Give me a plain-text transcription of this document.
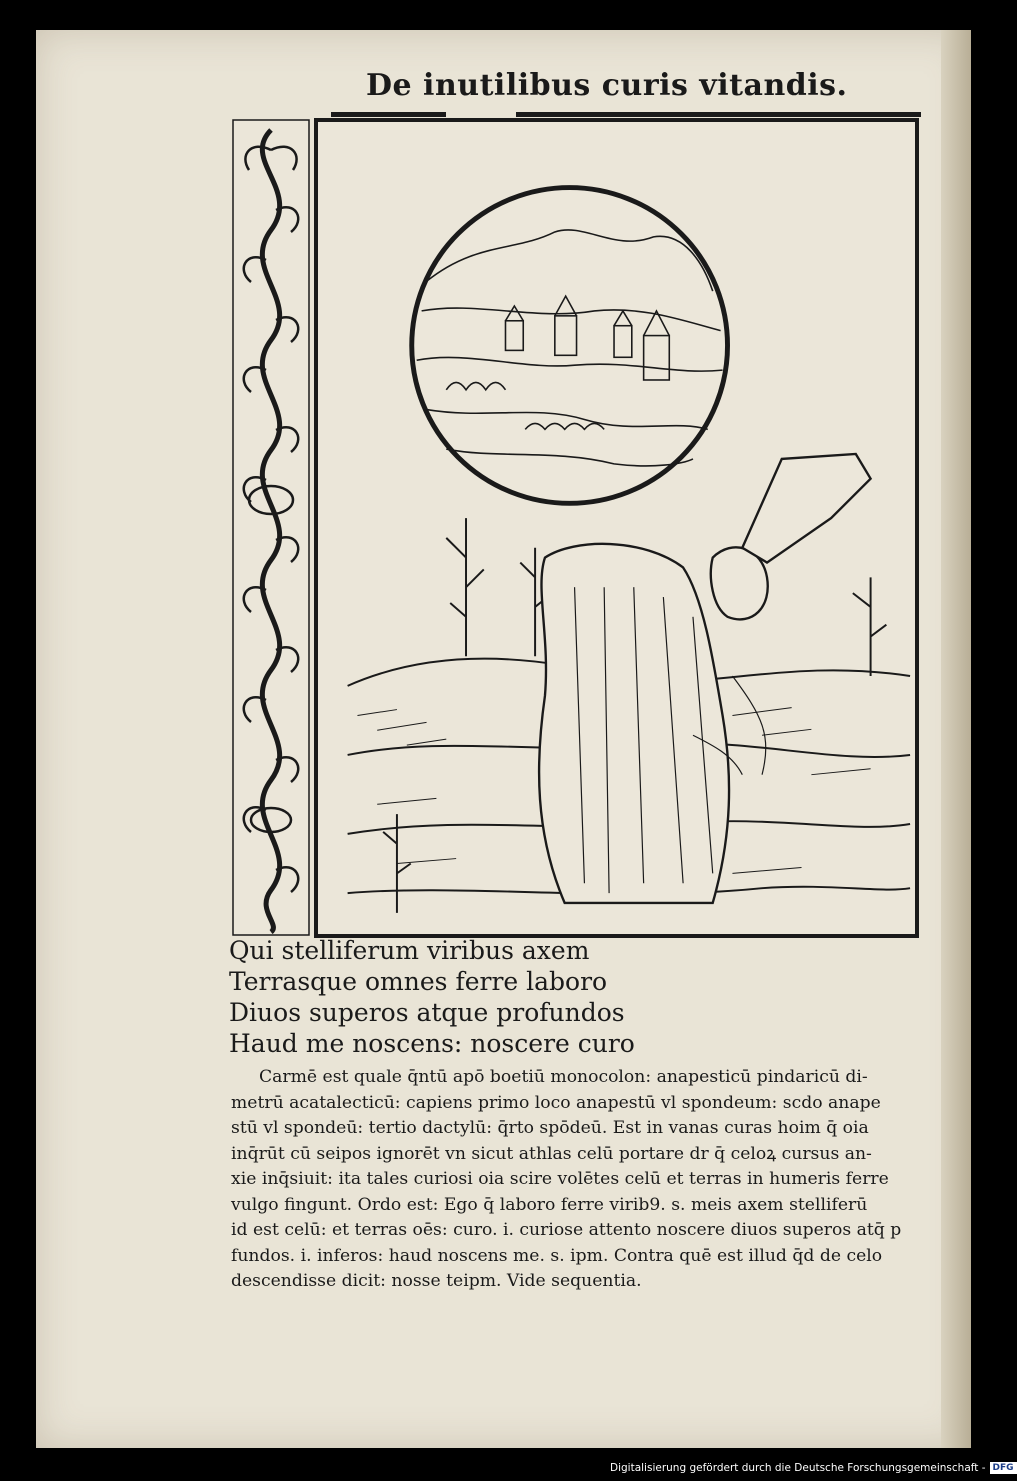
De inutilibus curis vitandis.
Qui stelliferum viribus axem
Terrasque omnes ferre laboro
Diuos superos atque profundos
Haud me noscens: noscere curo
Carmē est quale q̄ntū apō boetiū monocolon: anapesticū pindaricū di-
metrū acatalecticū: capiens primo loco anapestū vl spondeum: scdo anape
stū vl spondeū: tertio dactylū: q̄rto spōdeū. Est in vanas curas hoim q̄ oia
inq̄rūt cū seipos ignorēt vn sicut athlas celū portare dr q̄ celoꝝ cursus an-
xie inq̄siuit: ita tales curiosi oia scire volētes celū et terras in humeris ferre
vulgo fingunt. Ordo est: Ego q̄ laboro ferre virib9. s. meis axem stelliferū
id est celū: et terras oēs: curo. i. curiose attento noscere diuos superos atq̄ p
fundos. i. inferos: haud noscens me. s. ipm. Contra quē est illud q̄d de celo
descendisse dicit: nosse teipm. Vide sequentia.
Digitalisierung gefördert durch die Deutsche Forschungsgemeinschaft - DFG
